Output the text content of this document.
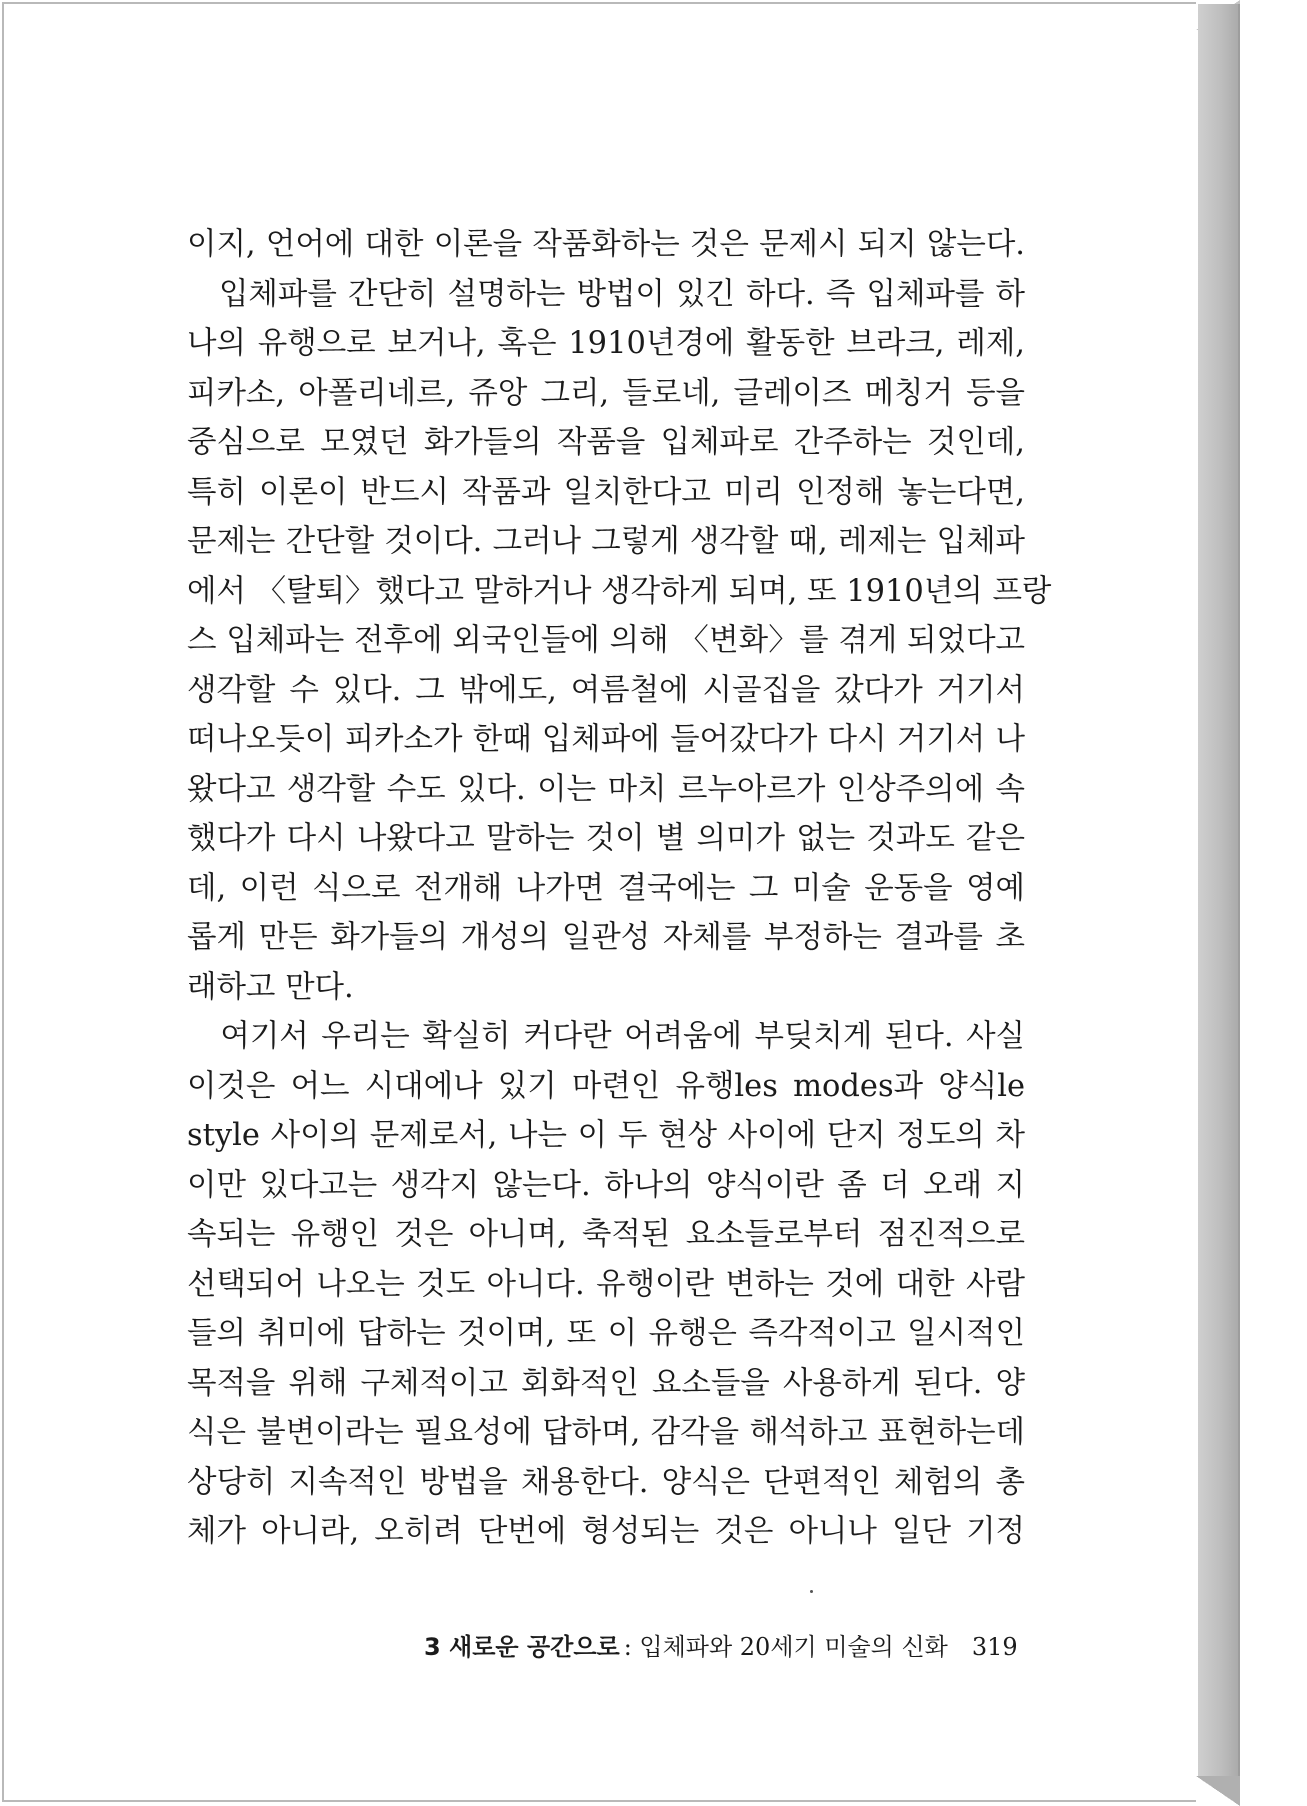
이지, 언어에 대한 이론을 작품화하는 것은 문제시 되지 않는다.
　입체파를 간단히 설명하는 방법이 있긴 하다. 즉 입체파를 하
나의 유행으로 보거나, 혹은 1910년경에 활동한 브라크, 레제,
피카소, 아폴리네르, 쥬앙 그리, 들로네, 글레이즈 메칭거 등을
중심으로 모였던 화가들의 작품을 입체파로 간주하는 것인데,
특히 이론이 반드시 작품과 일치한다고 미리 인정해 놓는다면,
문제는 간단할 것이다. 그러나 그렇게 생각할 때, 레제는 입체파
에서 〈탈퇴〉했다고 말하거나 생각하게 되며, 또 1910년의 프랑
스 입체파는 전후에 외국인들에 의해 〈변화〉를 겪게 되었다고
생각할 수 있다. 그 밖에도, 여름철에 시골집을 갔다가 거기서
떠나오듯이 피카소가 한때 입체파에 들어갔다가 다시 거기서 나
왔다고 생각할 수도 있다. 이는 마치 르누아르가 인상주의에 속
했다가 다시 나왔다고 말하는 것이 별 의미가 없는 것과도 같은
데, 이런 식으로 전개해 나가면 결국에는 그 미술 운동을 영예
롭게 만든 화가들의 개성의 일관성 자체를 부정하는 결과를 초
래하고 만다.
　여기서 우리는 확실히 커다란 어려움에 부딪치게 된다. 사실
이것은 어느 시대에나 있기 마련인 유행les modes과 양식le
style 사이의 문제로서, 나는 이 두 현상 사이에 단지 정도의 차
이만 있다고는 생각지 않는다. 하나의 양식이란 좀 더 오래 지
속되는 유행인 것은 아니며, 축적된 요소들로부터 점진적으로
선택되어 나오는 것도 아니다. 유행이란 변하는 것에 대한 사람
들의 취미에 답하는 것이며, 또 이 유행은 즉각적이고 일시적인
목적을 위해 구체적이고 회화적인 요소들을 사용하게 된다. 양
식은 불변이라는 필요성에 답하며, 감각을 해석하고 표현하는데
상당히 지속적인 방법을 채용한다. 양식은 단편적인 체험의 총
체가 아니라, 오히려 단번에 형성되는 것은 아니나 일단 기정
3 새로운 공간으로 : 입체파와 20세기 미술의 신화 319
